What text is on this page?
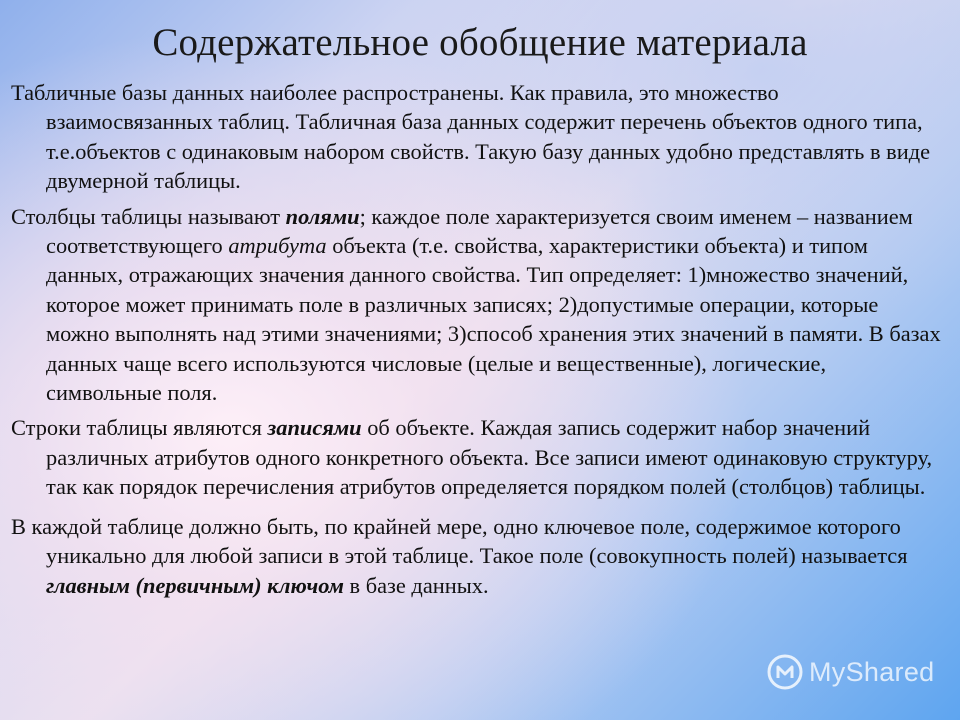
Содержательное обобщение материала

Табличные базы данных наиболее распространены. Как правила, это множество взаимосвязанных таблиц. Табличная база данных содержит перечень объектов одного типа, т.е.объектов с одинаковым набором свойств. Такую базу данных удобно представлять в виде двумерной таблицы.

Столбцы таблицы называют полями; каждое поле характеризуется своим именем – названием соответствующего атрибута объекта (т.е. свойства, характеристики объекта) и типом данных, отражающих значения данного свойства. Тип определяет: 1)множество значений, которое может принимать поле в различных записях; 2)допустимые операции, которые можно выполнять над этими значениями; 3)способ хранения этих значений в памяти. В базах данных чаще всего используются числовые (целые и вещественные), логические, символьные поля.

Строки таблицы являются записями об объекте. Каждая запись содержит набор значений различных атрибутов одного конкретного объекта. Все записи имеют одинаковую структуру, так как порядок перечисления атрибутов определяется порядком полей (столбцов) таблицы.

В каждой таблице должно быть, по крайней мере, одно ключевое поле, содержимое которого уникально для любой записи в этой таблице. Такое поле (совокупность полей) называется главным (первичным) ключом в базе данных.

MyShared
